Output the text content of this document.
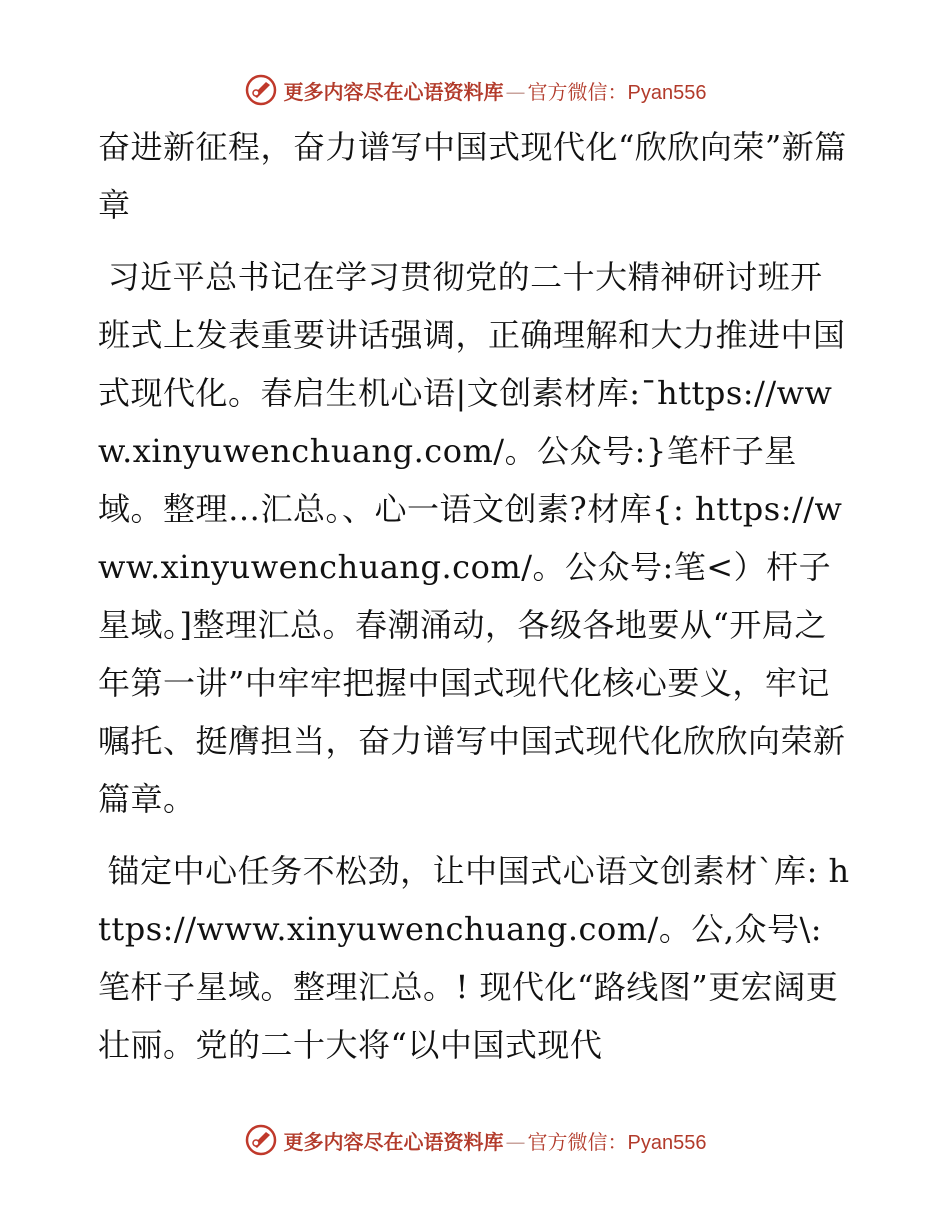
更多内容尽在心语资料库 — 官方微信：Pyan556
奋进新征程，奋力谱写中国式现代化“欣欣向荣”新篇章

习近平总书记在学习贯彻党的二十大精神研讨班开班式上发表重要讲话强调，正确理解和大力推进中国式现代化。春启生机心语|文创素材库:¯https://www.xinyuwenchuang.com/。公众号:}笔杆子星域。整理…汇总。、心一语文创素?材库{: https://www.xinyuwenchuang.com/。公众号:笔<）杆子星域。]整理汇总。春潮涌动，各级各地要从“开局之年第一讲”中牢牢把握中国式现代化核心要义，牢记嘱托、挺膺担当，奋力谱写中国式现代化欣欣向荣新篇章。

锚定中心任务不松劲，让中国式心语文创素材`库: https://www.xinyuwenchuang.com/。公,众号\: 笔杆子星域。整理汇总。! 现代化“路线图”更宏阔更壮丽。党的二十大将“以中国式现代

更多内容尽在心语资料库 — 官方微信：Pyan556
